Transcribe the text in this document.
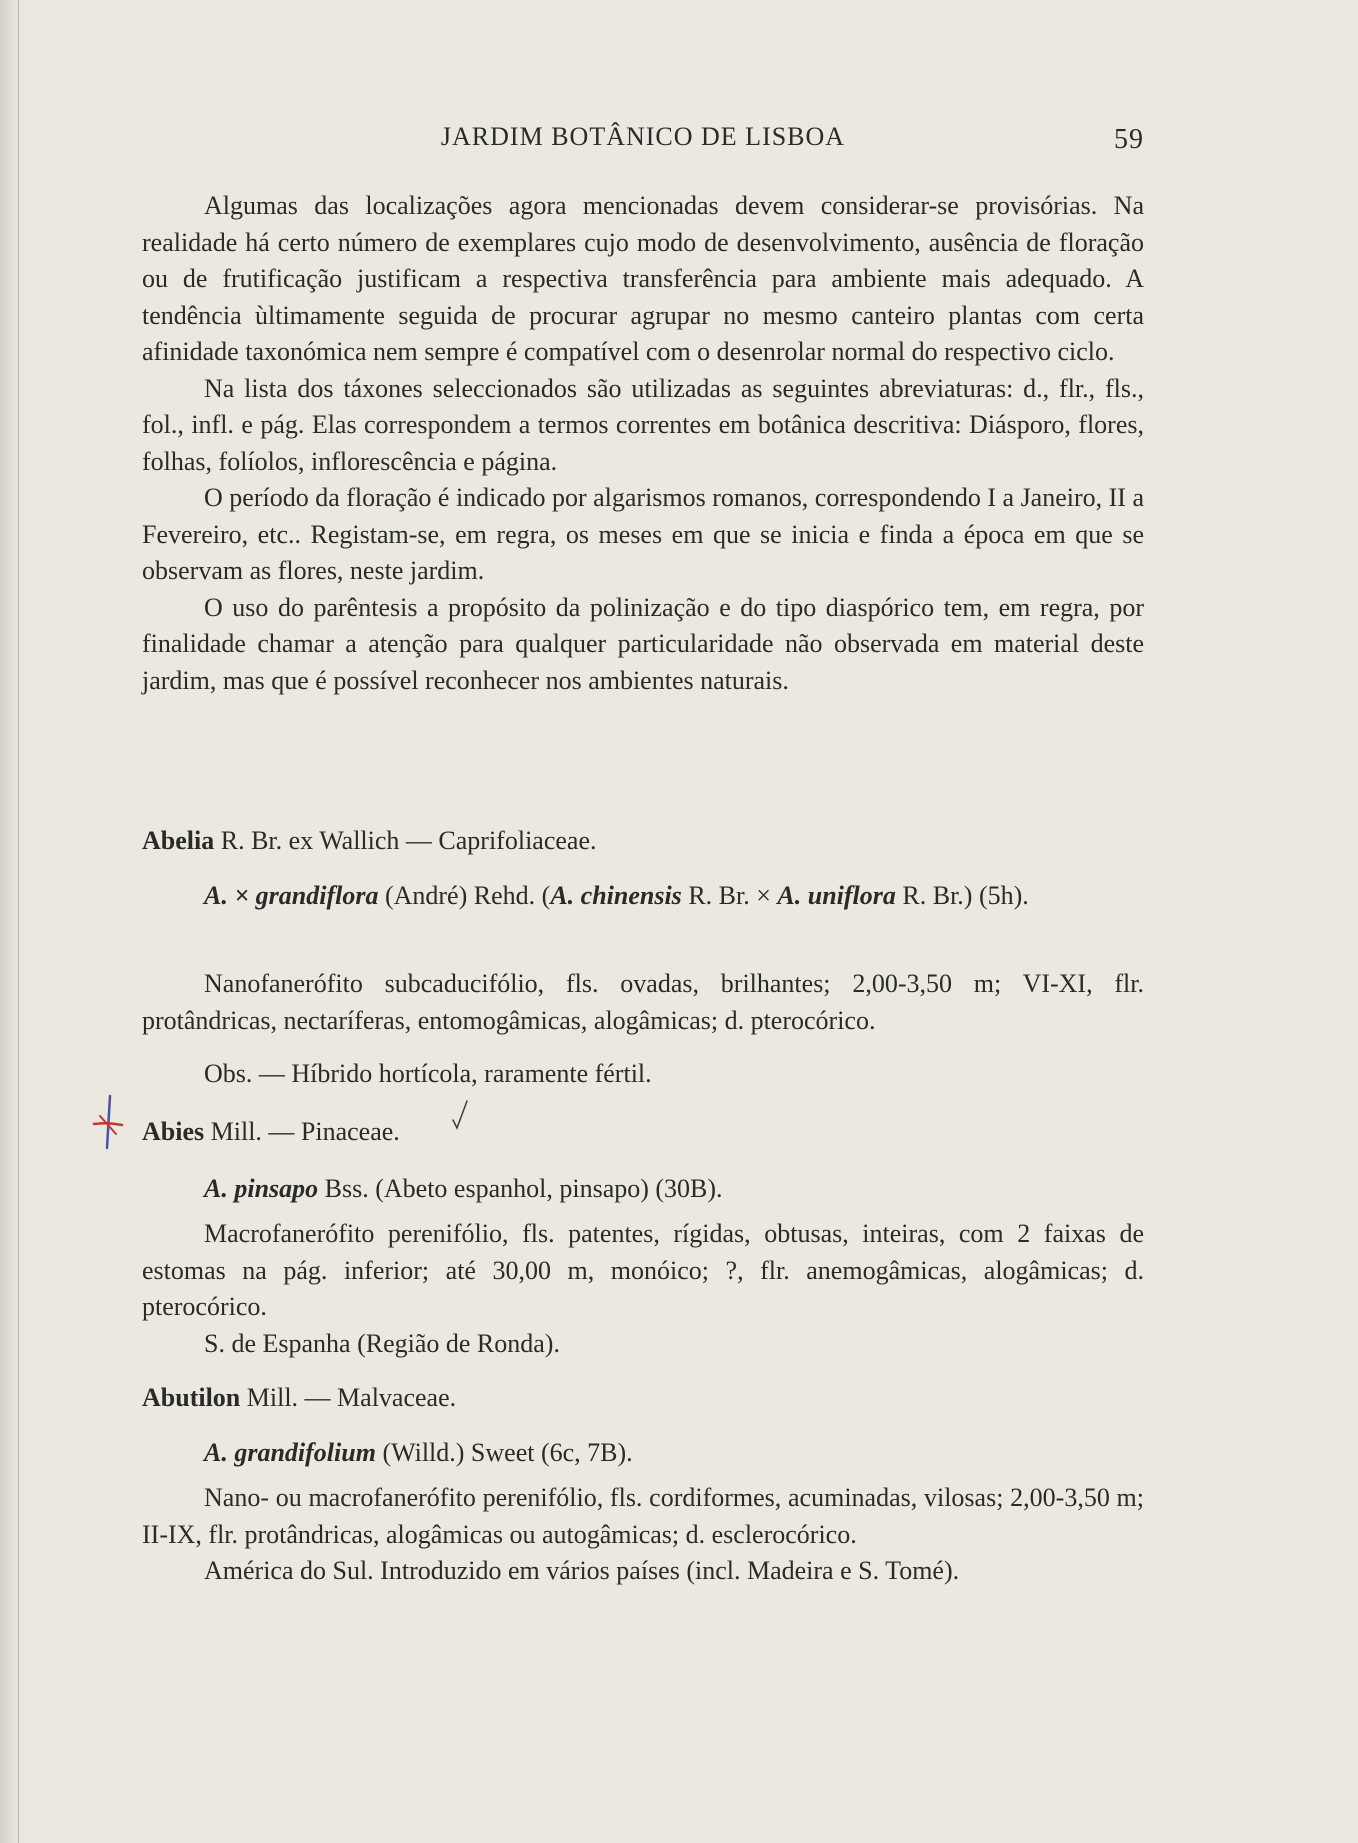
JARDIM BOTÂNICO DE LISBOA	59

Algumas das localizações agora mencionadas devem considerar-se provisórias. Na realidade há certo número de exemplares cujo modo de desenvolvimento, ausência de floração ou de frutificação justificam a respectiva transferência para ambiente mais adequado. A tendência ùltimamente seguida de procurar agrupar no mesmo canteiro plantas com certa afinidade taxonómica nem sempre é compatível com o desenrolar normal do respectivo ciclo.

Na lista dos táxones seleccionados são utilizadas as seguintes abreviaturas: d., flr., fls., fol., infl. e pág. Elas correspondem a termos correntes em botânica descritiva: Diásporo, flores, folhas, folíolos, inflorescência e página.

O período da floração é indicado por algarismos romanos, correspondendo I a Janeiro, II a Fevereiro, etc.. Registam-se, em regra, os meses em que se inicia e finda a época em que se observam as flores, neste jardim.

O uso do parêntesis a propósito da polinização e do tipo diaspórico tem, em regra, por finalidade chamar a atenção para qualquer particularidade não observada em material deste jardim, mas que é possível reconhecer nos ambientes naturais.

Abelia R. Br. ex Wallich — Caprifoliaceae.

A. × grandiflora (André) Rehd. (A. chinensis R. Br. × A. uniflora R. Br.) (5h).

Nanofanerófito subcaducifólio, fls. ovadas, brilhantes; 2,00-3,50 m; VI-XI, flr. protândricas, nectaríferas, entomogâmicas, alogâmicas; d. pterocórico.

Obs. — Híbrido hortícola, raramente fértil.

Abies Mill. — Pinaceae.

A. pinsapo Bss. (Abeto espanhol, pinsapo) (30B).

Macrofanerófito perenifólio, fls. patentes, rígidas, obtusas, inteiras, com 2 faixas de estomas na pág. inferior; até 30,00 m, monóico; ?, flr. anemogâmicas, alogâmicas; d. pterocórico.

S. de Espanha (Região de Ronda).

Abutilon Mill. — Malvaceae.

A. grandifolium (Willd.) Sweet (6c, 7B).

Nano- ou macrofanerófito perenifólio, fls. cordiformes, acuminadas, vilosas; 2,00-3,50 m; II-IX, flr. protândricas, alogâmicas ou autogâmicas; d. esclerocórico.

América do Sul. Introduzido em vários países (incl. Madeira e S. Tomé).
